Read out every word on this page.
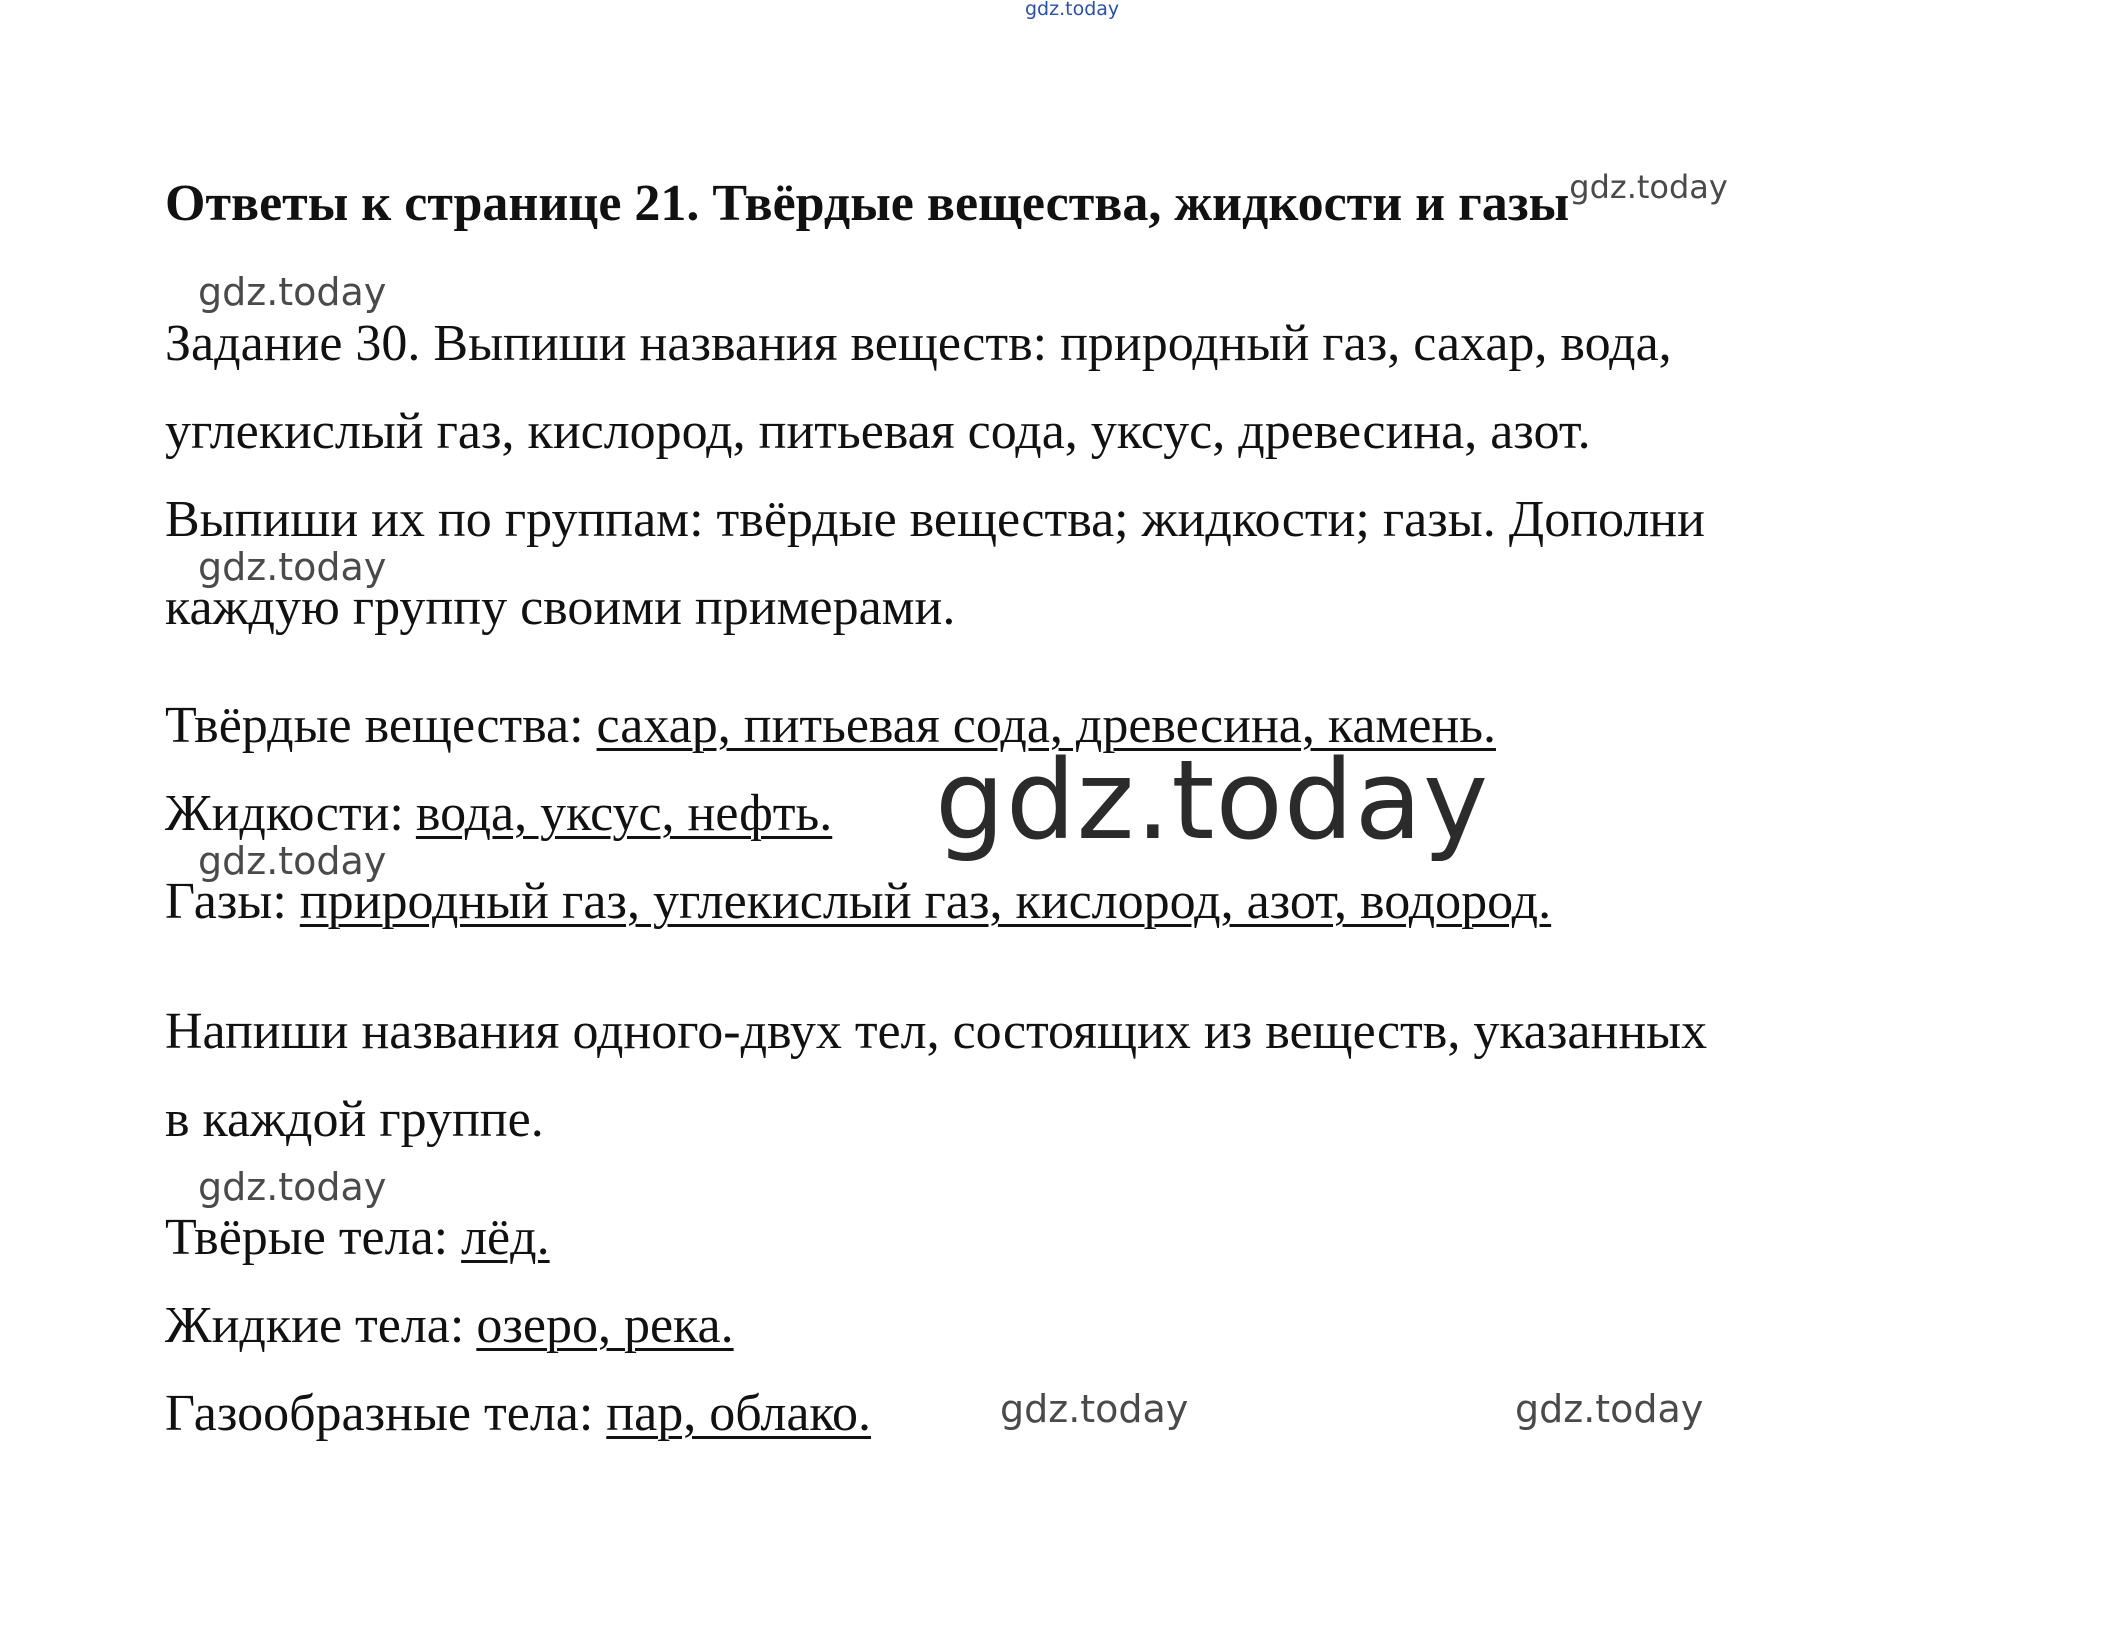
gdz.today
gdz.today
gdz.today
gdz.today
gdz.today
gdz.today
gdz.today	gdz.today
Ответы к странице 21. Твёрдые вещества, жидкости и газы$^{gdz.today}$
Задание 30. Выпиши названия веществ: природный газ, сахар, вода,
углекислый газ, кислород, питьевая сода, уксус, древесина, азот.
Выпиши их по группам: твёрдые вещества; жидкости; газы. Дополни
каждую группу своими примерами.
Твёрдые вещества: сахар, питьевая сода, древесина, камень.
Жидкости: вода, уксус, нефть.
Газы: природный газ, углекислый газ, кислород, азот, водород.
Напиши названия одного-двух тел, состоящих из веществ, указанных
в каждой группе.
Твёрые тела: лёд.
Жидкие тела: озеро, река.
Газообразные тела: пар, облако.
